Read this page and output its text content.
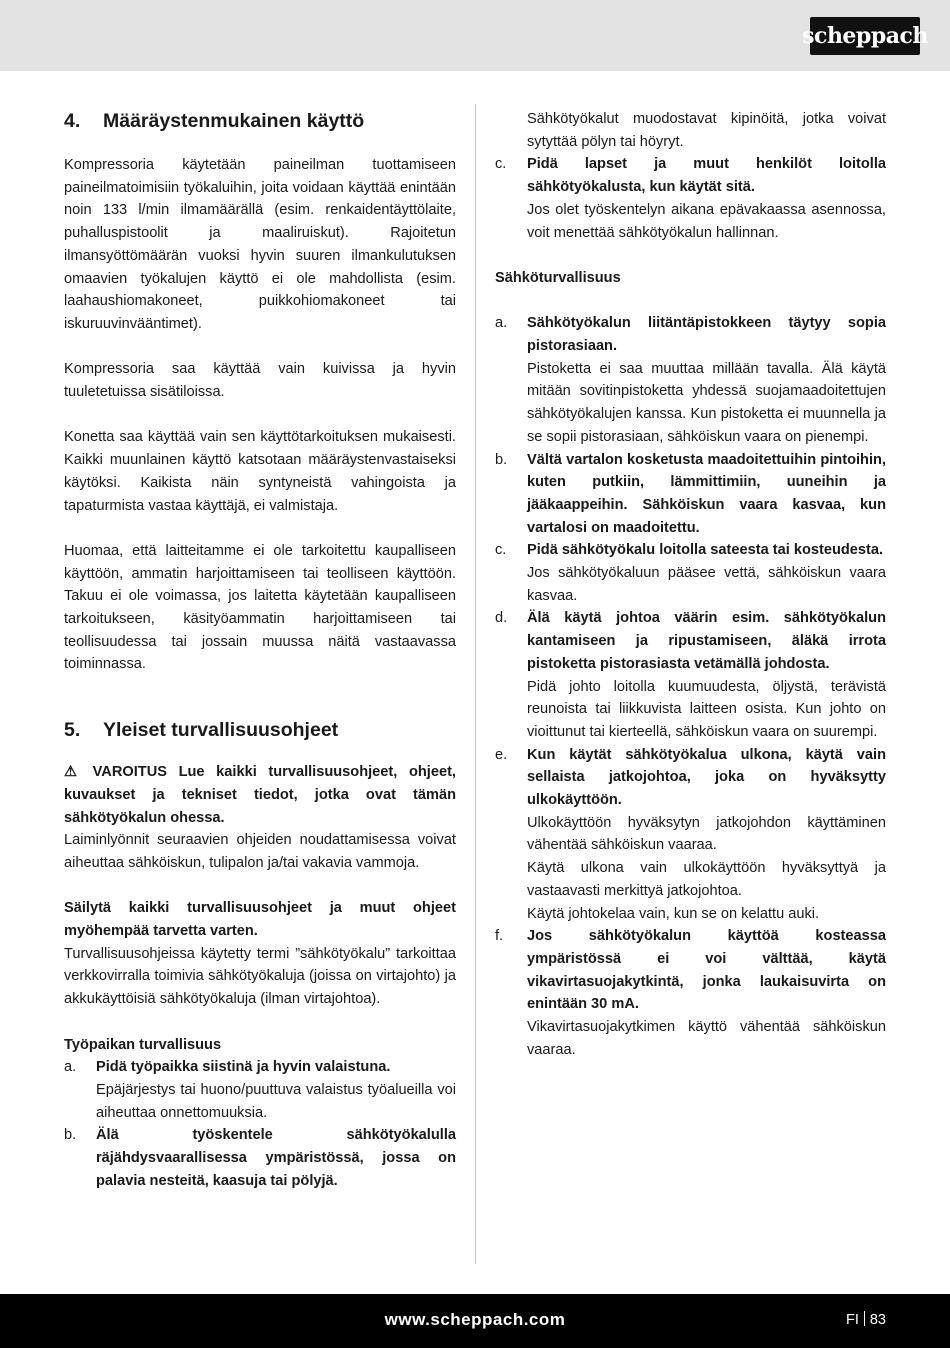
scheppach
4.	Määräystenmukainen käyttö

Kompressoria käytetään paineilman tuottamiseen paineilmatoimisiin työkaluihin, joita voidaan käyttää enintään noin 133 l/min ilmamäärällä (esim. renkaidentäyttölaite, puhalluspistoolit ja maaliruiskut). Rajoitetun ilmansyöttömäärän vuoksi hyvin suuren ilmankulutuksen omaavien työkalujen käyttö ei ole mahdollista (esim. laahaushiomakoneet, puikkohiomakoneet tai iskuruuvinvääntimet).

Kompressoria saa käyttää vain kuivissa ja hyvin tuuletetuissa sisätiloissa.

Konetta saa käyttää vain sen käyttötarkoituksen mukaisesti. Kaikki muunlainen käyttö katsotaan määräystenvastaiseksi käytöksi. Kaikista näin syntyneistä vahingoista ja tapaturmista vastaa käyttäjä, ei valmistaja.

Huomaa, että laitteitamme ei ole tarkoitettu kaupalliseen käyttöön, ammatin harjoittamiseen tai teolliseen käyttöön. Takuu ei ole voimassa, jos laitetta käytetään kaupalliseen tarkoitukseen, käsityöammatin harjoittamiseen tai teollisuudessa tai jossain muussa näitä vastaavassa toiminnassa.

5.	Yleiset turvallisuusohjeet

⚠ VAROITUS Lue kaikki turvallisuusohjeet, ohjeet, kuvaukset ja tekniset tiedot, jotka ovat tämän sähkötyökalun ohessa.

Laiminlyönnit seuraavien ohjeiden noudattamisessa voivat aiheuttaa sähköiskun, tulipalon ja/tai vakavia vammoja.

Säilytä kaikki turvallisuusohjeet ja muut ohjeet myöhempää tarvetta varten.

Turvallisuusohjeissa käytetty termi ”sähkötyökalu” tarkoittaa verkkovirralla toimivia sähkötyökaluja (joissa on virtajohto) ja akkukäyttöisiä sähkötyökaluja (ilman virtajohtoa).

Työpaikan turvallisuus

a.	Pidä työpaikka siistinä ja hyvin valaistuna.

Epäjärjestys tai huono/puuttuva valaistus työalueilla voi aiheuttaa onnettomuuksia.

b.	Älä työskentele sähkötyökalulla räjähdysvaarallisessa ympäristössä, jossa on palavia nesteitä, kaasuja tai pölyjä.

Sähkötyökalut muodostavat kipinöitä, jotka voivat sytyttää pölyn tai höyryt.

c.	Pidä lapset ja muut henkilöt loitolla sähkötyökalusta, kun käytät sitä.

Jos olet työskentelyn aikana epävakaassa asennossa, voit menettää sähkötyökalun hallinnan.

Sähköturvallisuus

a.	Sähkötyökalun liitäntäpistokkeen täytyy sopia pistorasiaan.

Pistoketta ei saa muuttaa millään tavalla. Älä käytä mitään sovitinpistoketta yhdessä suojamaadoitettujen sähkötyökalujen kanssa. Kun pistoketta ei muunnella ja se sopii pistorasiaan, sähköiskun vaara on pienempi.

b.	Vältä vartalon kosketusta maadoitettuihin pintoihin, kuten putkiin, lämmittimiin, uuneihin ja jääkaappeihin. Sähköiskun vaara kasvaa, kun vartalosi on maadoitettu.
c.	Pidä sähkötyökalu loitolla sateesta tai kosteudesta.

Jos sähkötyökaluun pääsee vettä, sähköiskun vaara kasvaa.

d.	Älä käytä johtoa väärin esim. sähkötyökalun kantamiseen ja ripustamiseen, äläkä irrota pistoketta pistorasiasta vetämällä johdosta.

Pidä johto loitolla kuumuudesta, öljystä, terävistä reunoista tai liikkuvista laitteen osista. Kun johto on vioittunut tai kierteellä, sähköiskun vaara on suurempi.

e.	Kun käytät sähkötyökalua ulkona, käytä vain sellaista jatkojohtoa, joka on hyväksytty ulkokäyttöön.

Ulkokäyttöön hyväksytyn jatkojohdon käyttäminen vähentää sähköiskun vaaraa.

Käytä ulkona vain ulkokäyttöön hyväksyttyä ja vastaavasti merkittyä jatkojohtoa.

Käytä johtokelaa vain, kun se on kelattu auki.

f.	Jos sähkötyökalun käyttöä kosteassa ympäristössä ei voi välttää, käytä vikavirtasuojakytkintä, jonka laukaisuvirta on enintään 30 mA.

Vikavirtasuojakytkimen käyttö vähentää sähköiskun vaaraa.

www.scheppach.com	FI 83
